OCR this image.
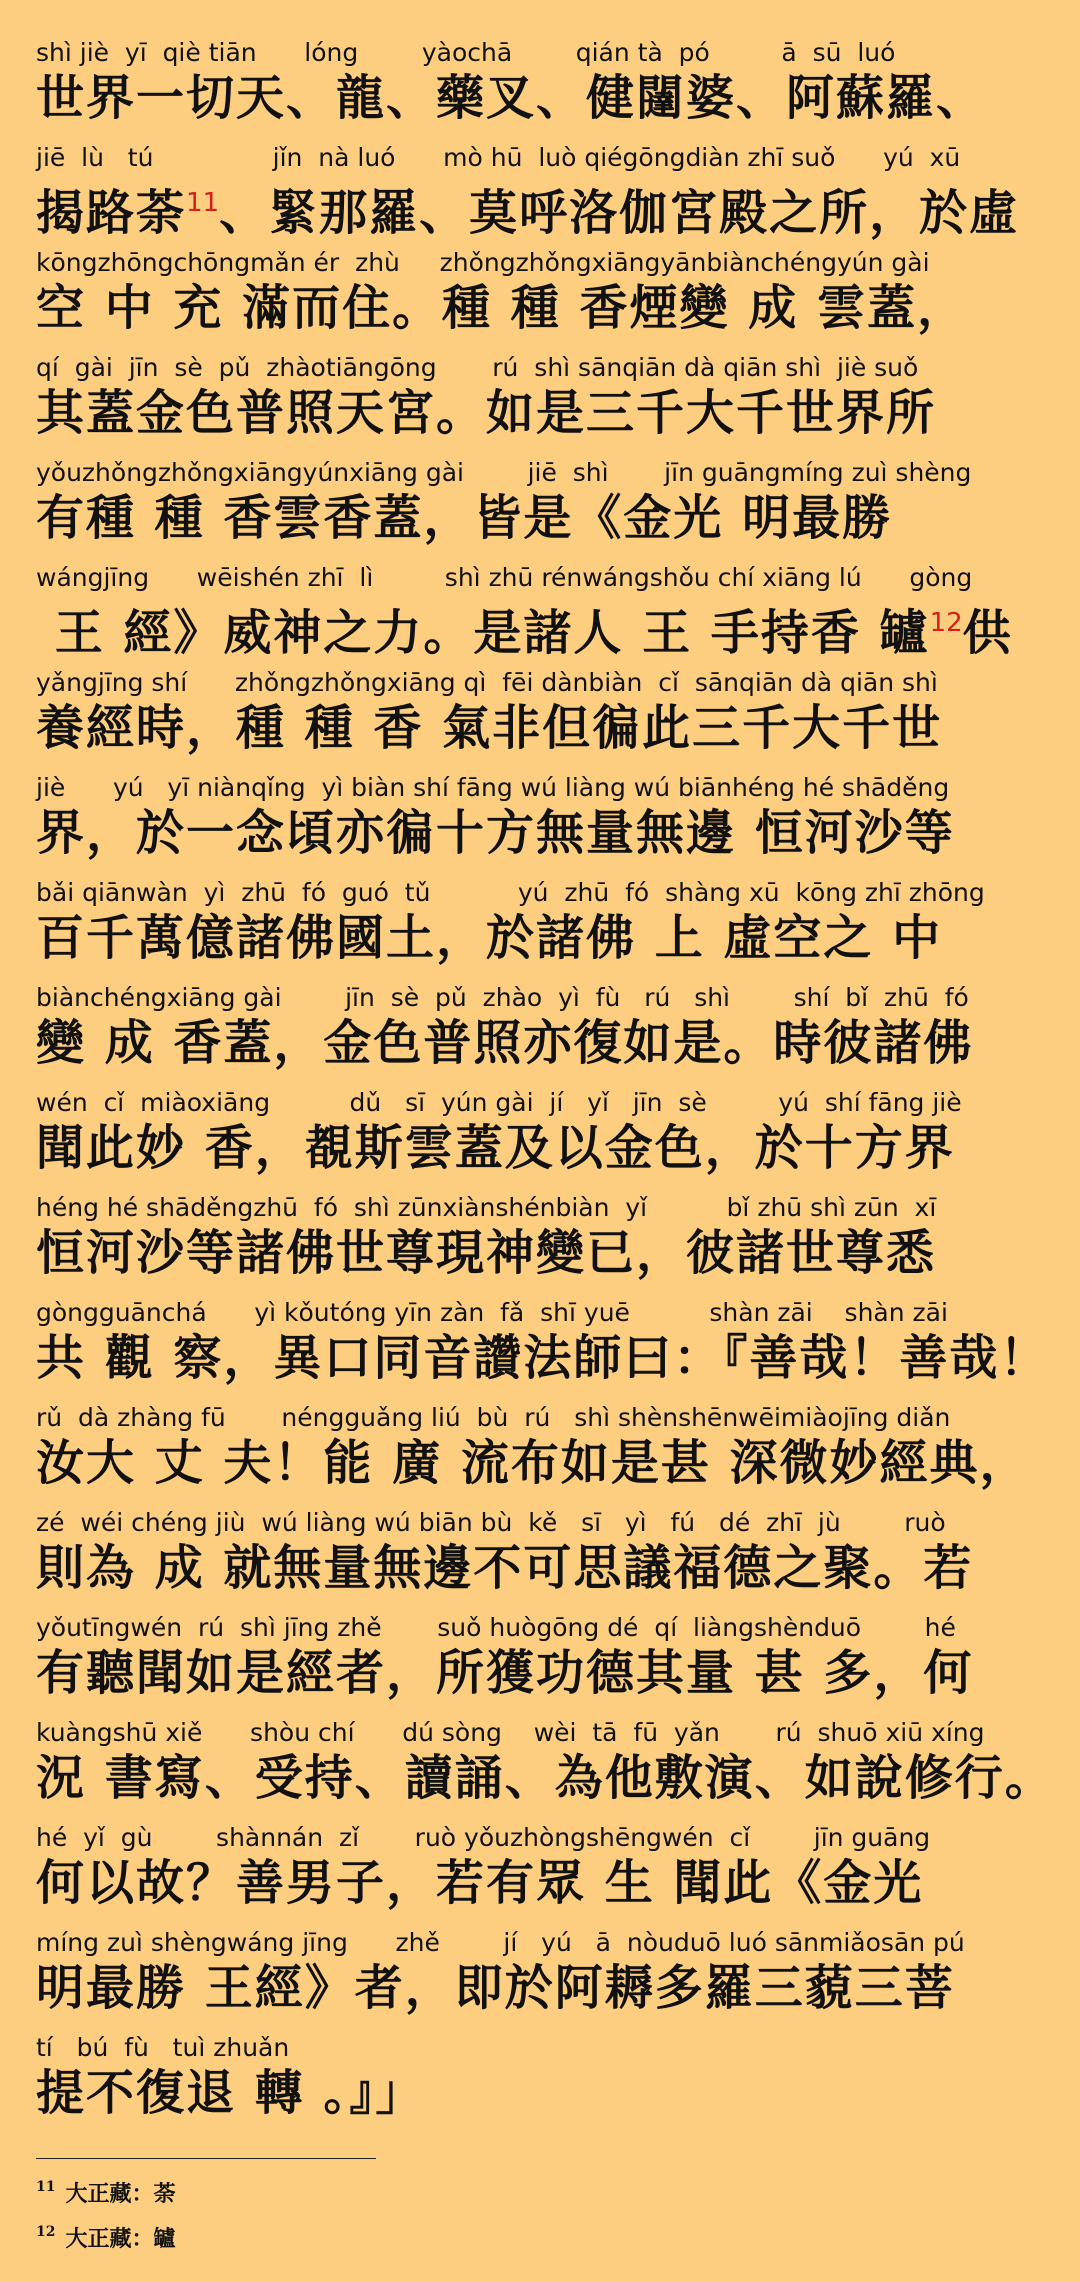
shì jiè  yī  qiè tiān      lóng        yàochā        qián tà  pó         ā  sū  luó
世界一切天、龍、藥叉、健闥婆、阿蘇羅、
jiē  lù   tú               jǐn  nà luó      mò hū  luò qiégōngdiàn zhī suǒ      yú  xū
揭路荼$^{11}$、緊那羅、莫呼洛伽宮殿之所，於虛
kōngzhōngchōngmǎn ér  zhù     zhǒngzhǒngxiāngyānbiànchéngyún gài
空 中 充 滿而住。種 種 香煙變 成 雲蓋，
qí  gài  jīn  sè  pǔ  zhàotiāngōng       rú  shì sānqiān dà qiān shì  jiè suǒ
其蓋金色普照天宮。如是三千大千世界所
yǒuzhǒngzhǒngxiāngyúnxiāng gài        jiē  shì       jīn guāngmíng zuì shèng
有種 種 香雲香蓋，皆是《金光 明最勝
wángjīng      wēishén zhī  lì         shì zhū rénwángshǒu chí xiāng lú      gòng
王 經》威神之力。是諸人 王 手持香 罏$^{12}$供
yǎngjīng shí      zhǒngzhǒngxiāng qì  fēi dànbiàn  cǐ  sānqiān dà qiān shì
養經時，種 種 香 氣非但徧此三千大千世
jiè      yú   yī niànqǐng  yì biàn shí fāng wú liàng wú biānhéng hé shāděng
界，於一念頃亦徧十方無量無邊 恒河沙等
bǎi qiānwàn  yì  zhū  fó  guó  tǔ           yú  zhū  fó  shàng xū  kōng zhī zhōng
百千萬億諸佛國土，於諸佛 上 虛空之 中
biànchéngxiāng gài        jīn  sè  pǔ  zhào  yì  fù   rú   shì        shí  bǐ  zhū  fó
變 成 香蓋，金色普照亦復如是。時彼諸佛
wén  cǐ  miàoxiāng          dǔ   sī  yún gài  jí   yǐ   jīn  sè         yú  shí fāng jiè
聞此妙 香，覩斯雲蓋及以金色，於十方界
héng hé shāděngzhū  fó  shì zūnxiànshénbiàn  yǐ          bǐ zhū shì zūn  xī
恒河沙等諸佛世尊現神變已，彼諸世尊悉
gòngguānchá      yì kǒutóng yīn zàn  fǎ  shī yuē          shàn zāi    shàn zāi
共 觀 察，異口同音讚法師曰：『善哉！善哉！
rǔ  dà zhàng fū       néngguǎng liú  bù  rú   shì shènshēnwēimiàojīng diǎn
汝大 丈 夫！能 廣 流布如是甚 深微妙經典，
zé  wéi chéng jiù  wú liàng wú biān bù  kě   sī   yì   fú   dé  zhī  jù        ruò
則為 成 就無量無邊不可思議福德之聚。若
yǒutīngwén  rú  shì jīng zhě       suǒ huògōng dé  qí  liàngshènduō        hé
有聽聞如是經者，所獲功德其量 甚 多，何
kuàngshū xiě      shòu chí      dú sòng    wèi  tā  fū  yǎn       rú  shuō xiū xíng
況 書寫、受持、讀誦、為他敷演、如說修行。
hé  yǐ  gù        shànnán  zǐ       ruò yǒuzhòngshēngwén  cǐ        jīn guāng
何以故？善男子，若有眾 生 聞此《金光
míng zuì shèngwáng jīng      zhě        jí   yú   ā  nòuduō luó sānmiǎosān pú
明最勝 王經》者，即於阿耨多羅三藐三菩
tí   bú  fù   tuì zhuǎn
提不復退 轉 。』」
$^{11}$ 大正藏：荼
$^{12}$ 大正藏：罏
